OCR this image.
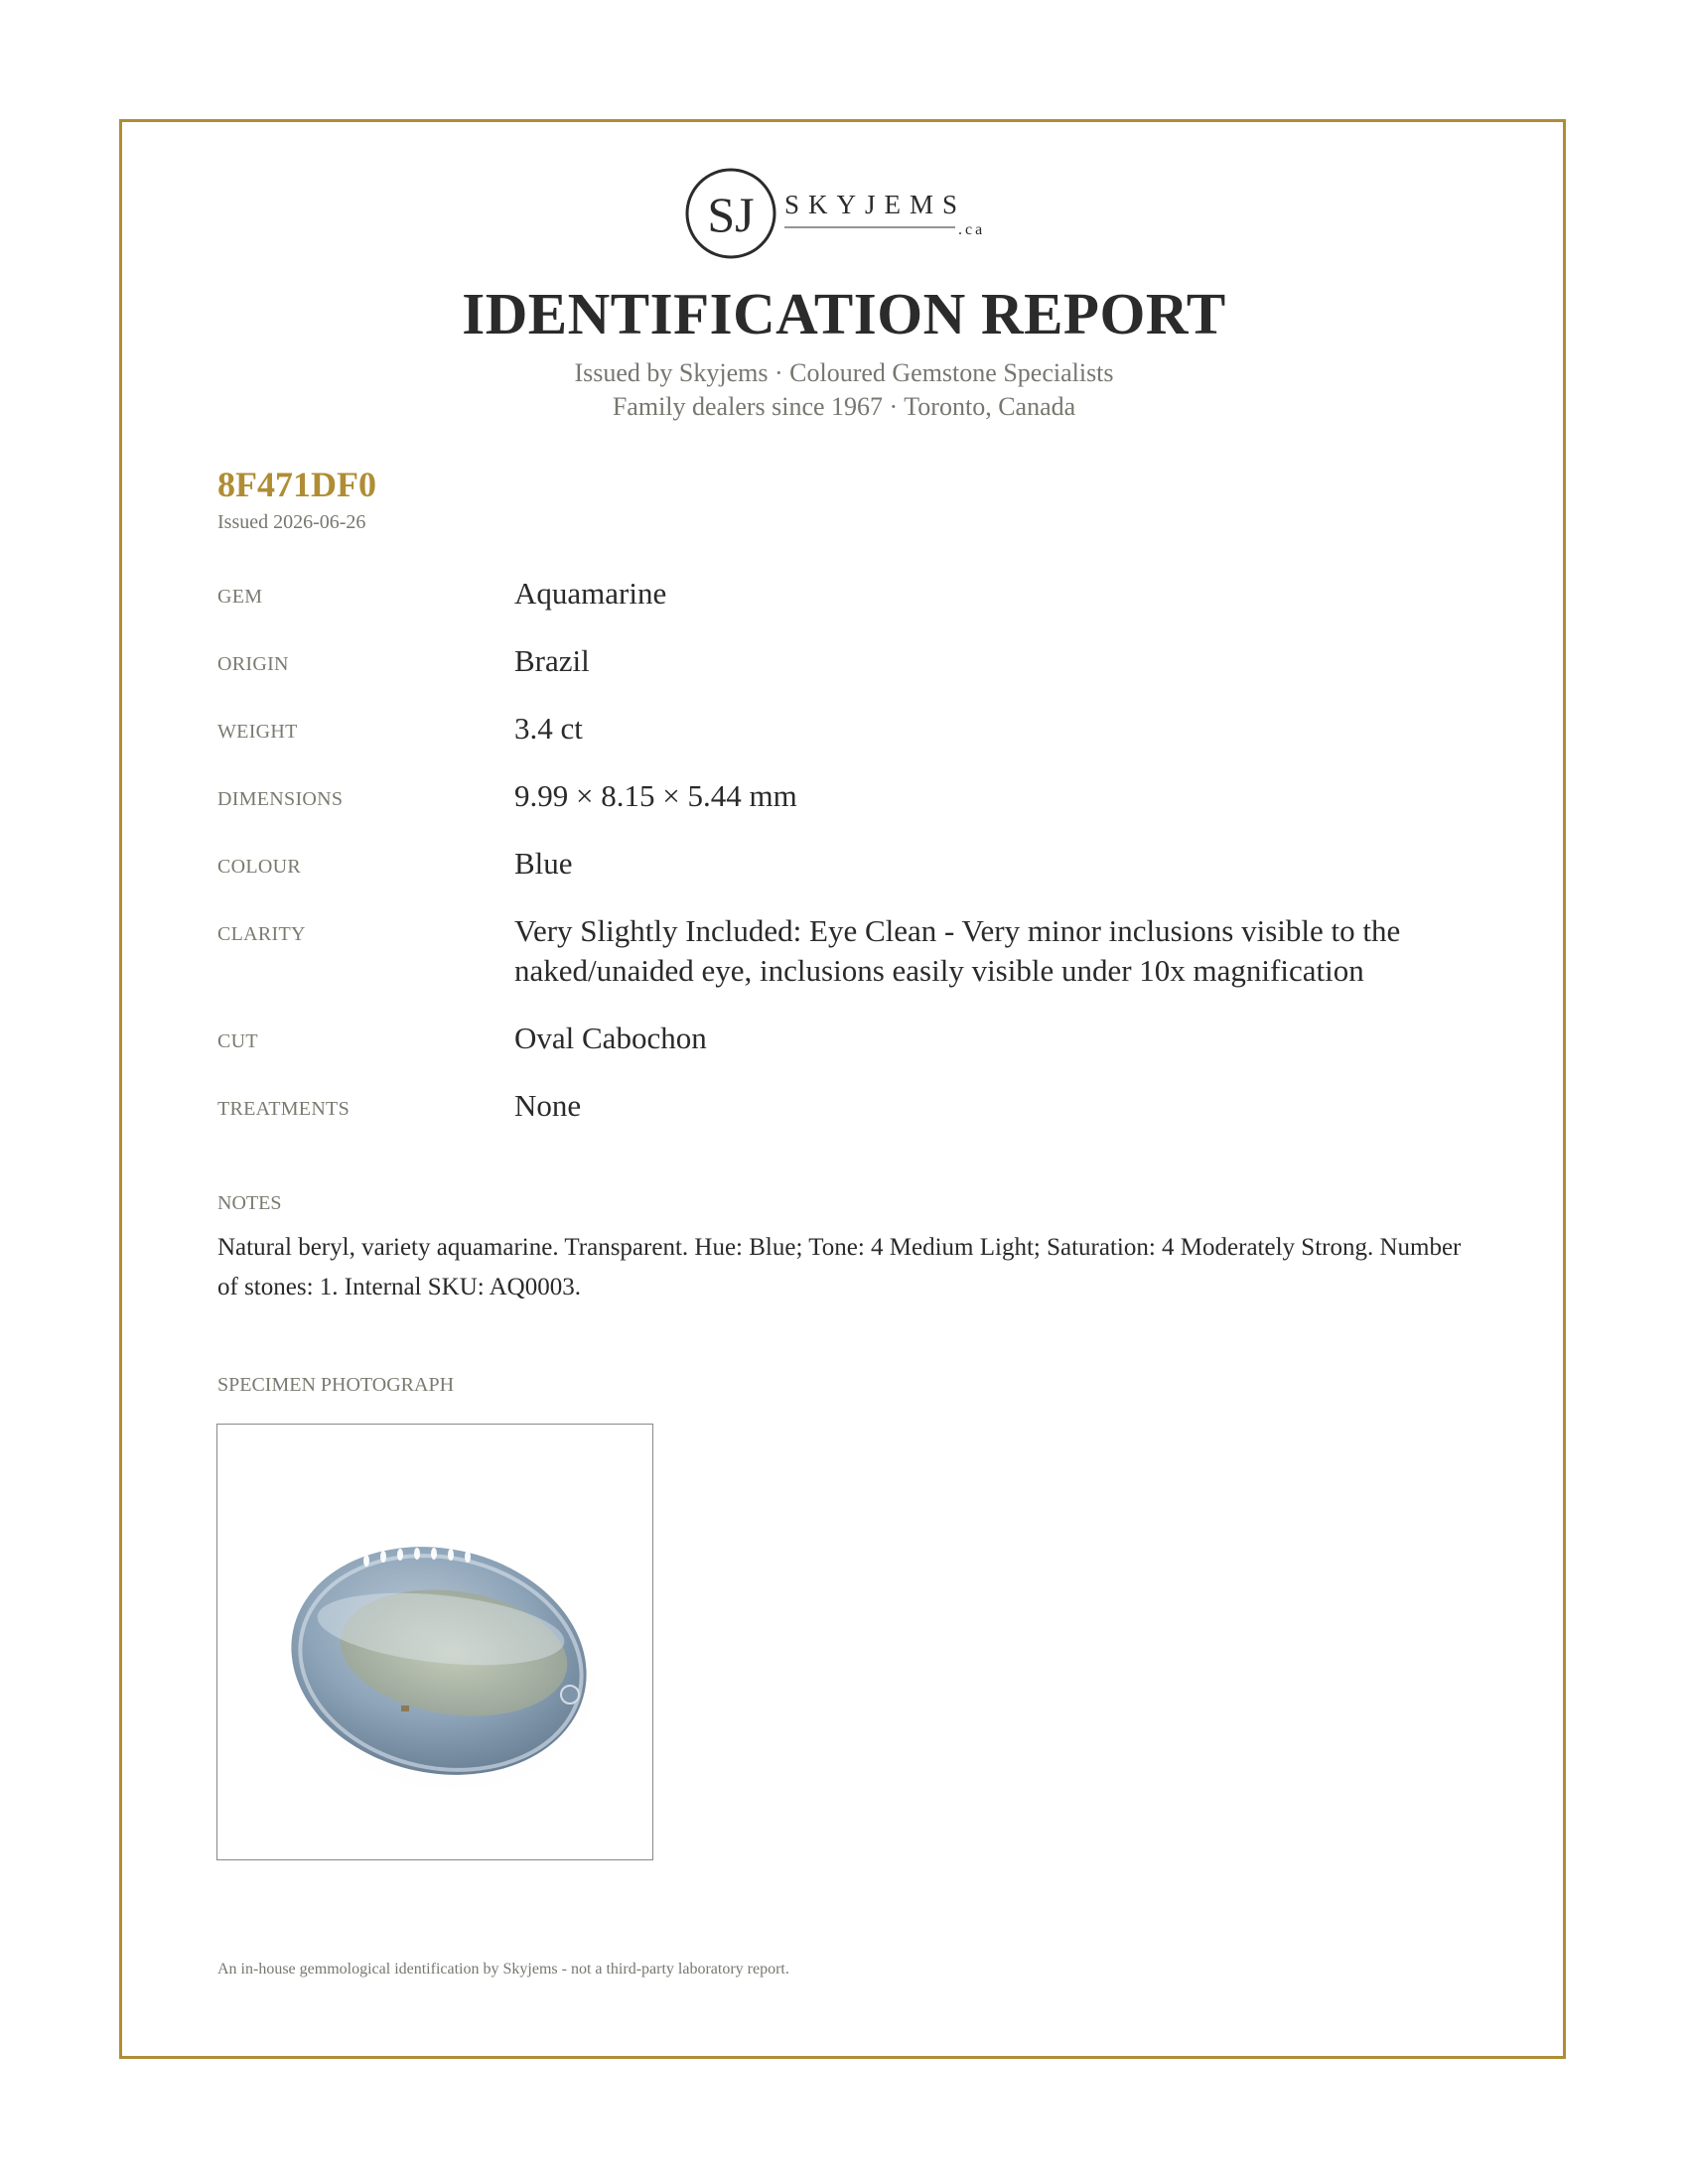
SJ SKYJEMS
.ca
IDENTIFICATION REPORT
Issued by Skyjems · Coloured Gemstone Specialists
Family dealers since 1967 · Toronto, Canada
8F471DF0
Issued 2026-06-26
GEM	Aquamarine
ORIGIN	Brazil
WEIGHT	3.4 ct
DIMENSIONS	9.99 × 8.15 × 5.44 mm
COLOUR	Blue
CLARITY	Very Slightly Included: Eye Clean - Very minor inclusions visible to the naked/unaided eye, inclusions easily visible under 10x magnification
CUT	Oval Cabochon
TREATMENTS	None
NOTES
Natural beryl, variety aquamarine. Transparent. Hue: Blue; Tone: 4 Medium Light; Saturation: 4 Moderately Strong. Number of stones: 1. Internal SKU: AQ0003.
SPECIMEN PHOTOGRAPH
An in-house gemmological identification by Skyjems - not a third-party laboratory report.
